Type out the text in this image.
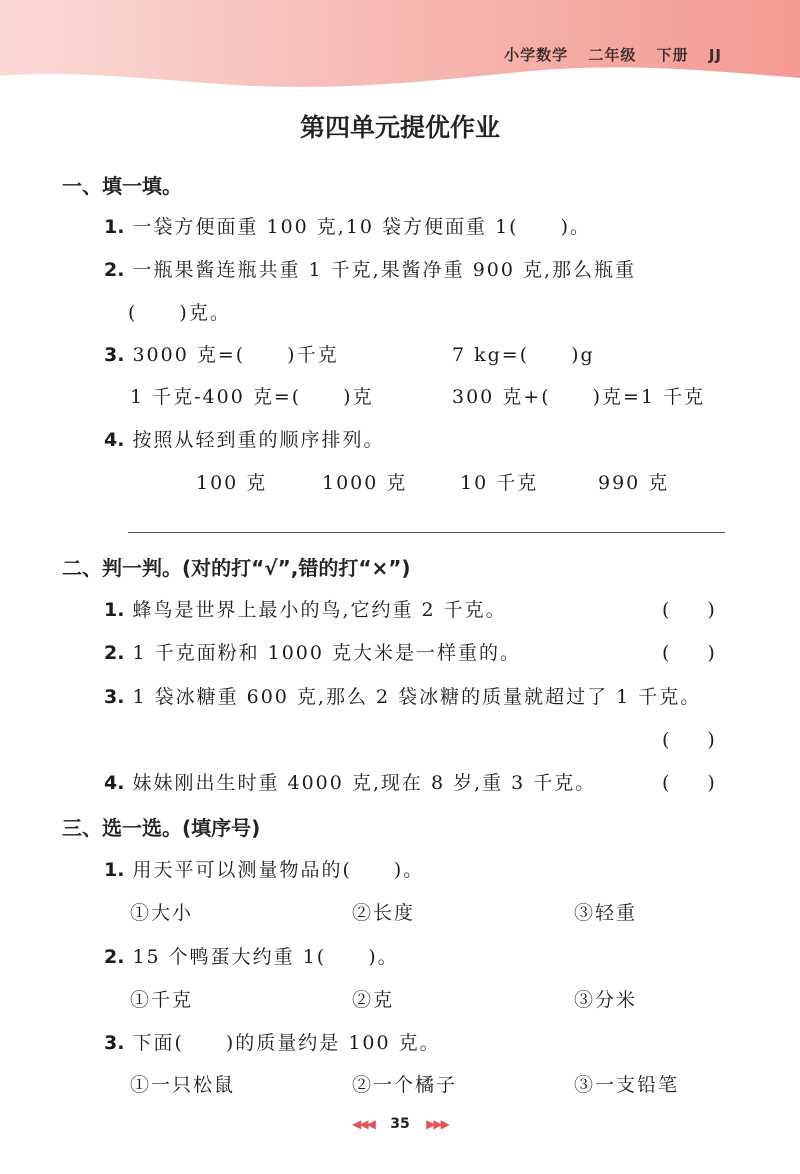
小学数学 二年级 下册 JJ
第四单元提优作业
一、填一填。
1. 一袋方便面重 100 克,10 袋方便面重 1(　　)。
2. 一瓶果酱连瓶共重 1 千克,果酱净重 900 克,那么瓶重
(　　)克。
3. 3000 克=(　　)千克	7 kg=(　　)g
1 千克-400 克=(　　)克	300 克+(　　)克=1 千克
4. 按照从轻到重的顺序排列。
100 克	1000 克	10 千克	990 克
二、判一判。(对的打“√”,错的打“×”)
1. 蜂鸟是世界上最小的鸟,它约重 2 千克。	(　　)
2. 1 千克面粉和 1000 克大米是一样重的。	(　　)
3. 1 袋冰糖重 600 克,那么 2 袋冰糖的质量就超过了 1 千克。
(　　)
4. 妹妹刚出生时重 4000 克,现在 8 岁,重 3 千克。	(　　)
三、选一选。(填序号)
1. 用天平可以测量物品的(　　)。
①大小	②长度	③轻重
2. 15 个鸭蛋大约重 1(　　)。
①千克	②克	③分米
3. 下面(　　)的质量约是 100 克。
①一只松鼠	②一个橘子	③一支铅笔
◀◀◀ 35 ▶▶▶
